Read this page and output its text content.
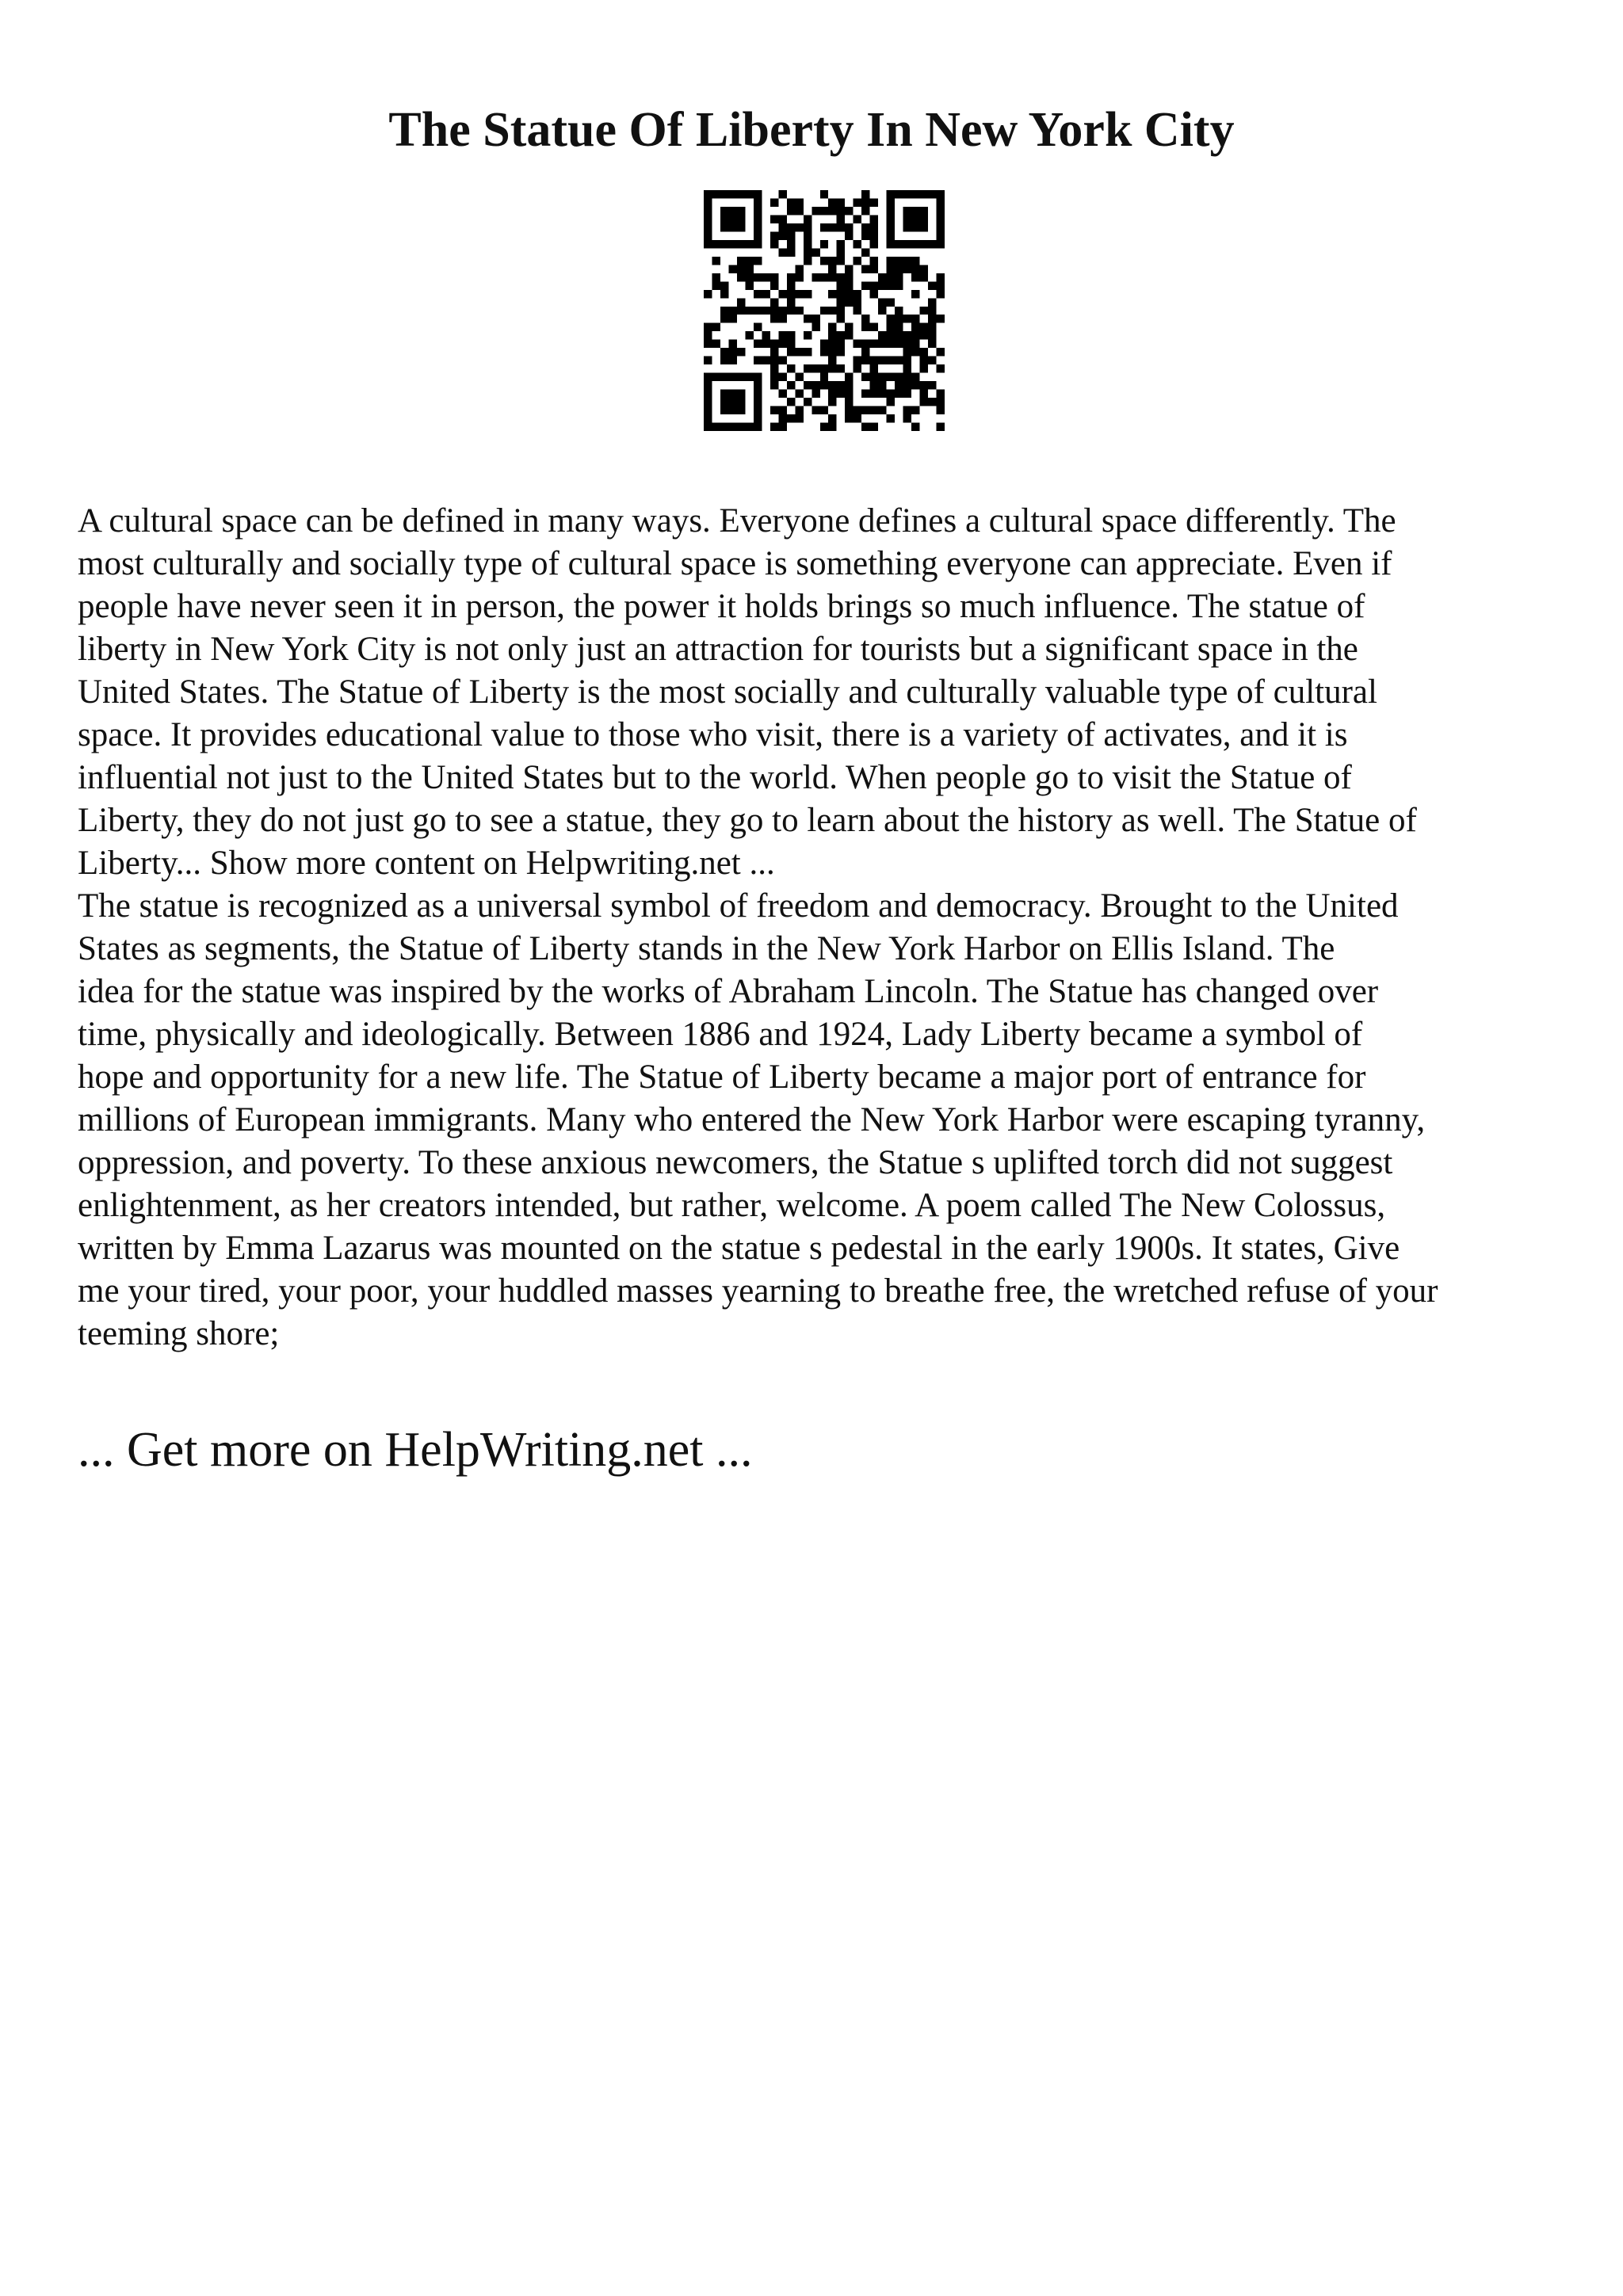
The Statue Of Liberty In New York City
A cultural space can be defined in many ways. Everyone defines a cultural space differently. The
most culturally and socially type of cultural space is something everyone can appreciate. Even if
people have never seen it in person, the power it holds brings so much influence. The statue of
liberty in New York City is not only just an attraction for tourists but a significant space in the
United States. The Statue of Liberty is the most socially and culturally valuable type of cultural
space. It provides educational value to those who visit, there is a variety of activates, and it is
influential not just to the United States but to the world. When people go to visit the Statue of
Liberty, they do not just go to see a statue, they go to learn about the history as well. The Statue of
Liberty... Show more content on Helpwriting.net ...
The statue is recognized as a universal symbol of freedom and democracy. Brought to the United
States as segments, the Statue of Liberty stands in the New York Harbor on Ellis Island. The
idea for the statue was inspired by the works of Abraham Lincoln. The Statue has changed over
time, physically and ideologically. Between 1886 and 1924, Lady Liberty became a symbol of
hope and opportunity for a new life. The Statue of Liberty became a major port of entrance for
millions of European immigrants. Many who entered the New York Harbor were escaping tyranny,
oppression, and poverty. To these anxious newcomers, the Statue s uplifted torch did not suggest
enlightenment, as her creators intended, but rather, welcome. A poem called The New Colossus,
written by Emma Lazarus was mounted on the statue s pedestal in the early 1900s. It states, Give
me your tired, your poor, your huddled masses yearning to breathe free, the wretched refuse of your
teeming shore;

... Get more on HelpWriting.net ...
